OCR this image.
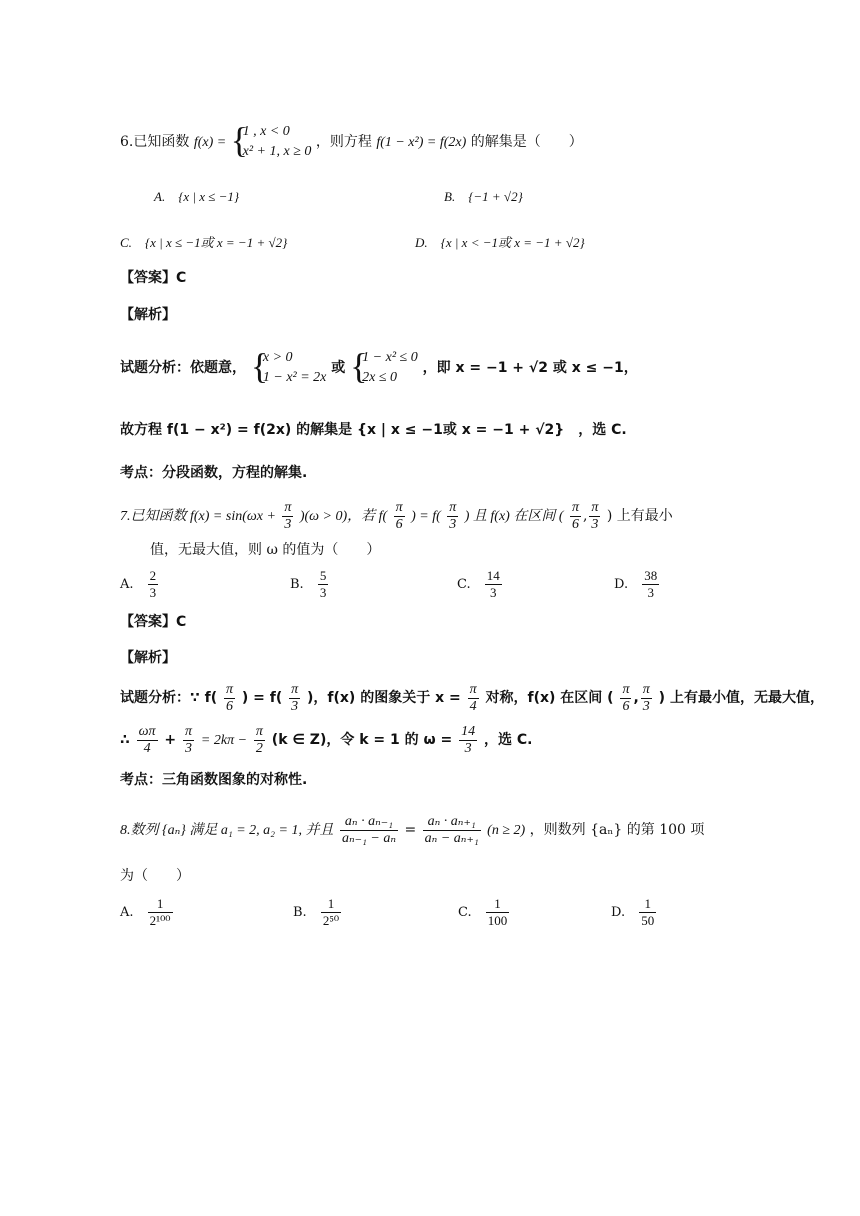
6.已知函数 f(x) = {
1 , x < 0
x² + 1, x ≥ 0
，则方程 f(1 − x²) = f(2x) 的解集是（　　）
A.　{x | x ≤ −1}	B.　{−1 + √2}
C.　{x | x ≤ −1或 x = −1 + √2}	D.　{x | x < −1或 x = −1 + √2}
【答案】C
【解析】
试题分析：依题意， {
x > 0
1 − x² = 2x
或 {
1 − x² ≤ 0
2x ≤ 0
，即 x = −1 + √2 或 x ≤ −1，
故方程 f(1 − x²) = f(2x) 的解集是 {x | x ≤ −1或 x = −1 + √2}　，选 C.
考点：分段函数，方程的解集.
7.已知函数 $f(x) = \sin(\omega x + \frac{\pi}{3} )(\omega > 0)$，若 $f( \frac{\pi}{6}$ ) = $f( \frac{\pi}{3}$ ) 且 f(x) 在区间 ( $\frac{\pi}{6}$ , $\frac{\pi}{3}$ ) 上有最小
值，无最大值，则 ω 的值为（　　）
A. $\frac{2}{3}$	B. $\frac{5}{3}$	C. $\frac{14}{3}$	D. $\frac{38}{3}$
【答案】C
【解析】
试题分析：∵ $f( \frac{\pi}{6}$ ) = $f( \frac{\pi}{3}$ )，f(x) 的图象关于 $x = \frac{\pi}{4}$ 对称，f(x) 在区间 ( $\frac{\pi}{6}$ , $\frac{\pi}{3}$ ) 上有最小值，无最大值，
∴ $\frac{\omega\pi}{4} + \frac{\pi}{3} = 2k\pi - \frac{\pi}{2} (k$ ∈ Z)，令 k = 1 的 $\omega = \frac{14}{3}$ ，选 C.
考点：三角函数图象的对称性.
8.数列 {aₙ} 满足 a₁ = 2, a₂ = 1, 并且 $\frac{\text{aₙ · aₙ₋₁}}{\text{aₙ₋₁ − aₙ}} = \frac{\text{aₙ · aₙ₊₁}}{\text{aₙ − aₙ₊₁}} (n \ge 2)$ ，则数列 {aₙ} 的第 100 项
为（　　）
A. $\frac{1}{\text{2¹⁰⁰}}$	B. $\frac{1}{\text{2⁵⁰}}$	C. $\frac{1}{100}$	D. $\frac{1}{50}$
